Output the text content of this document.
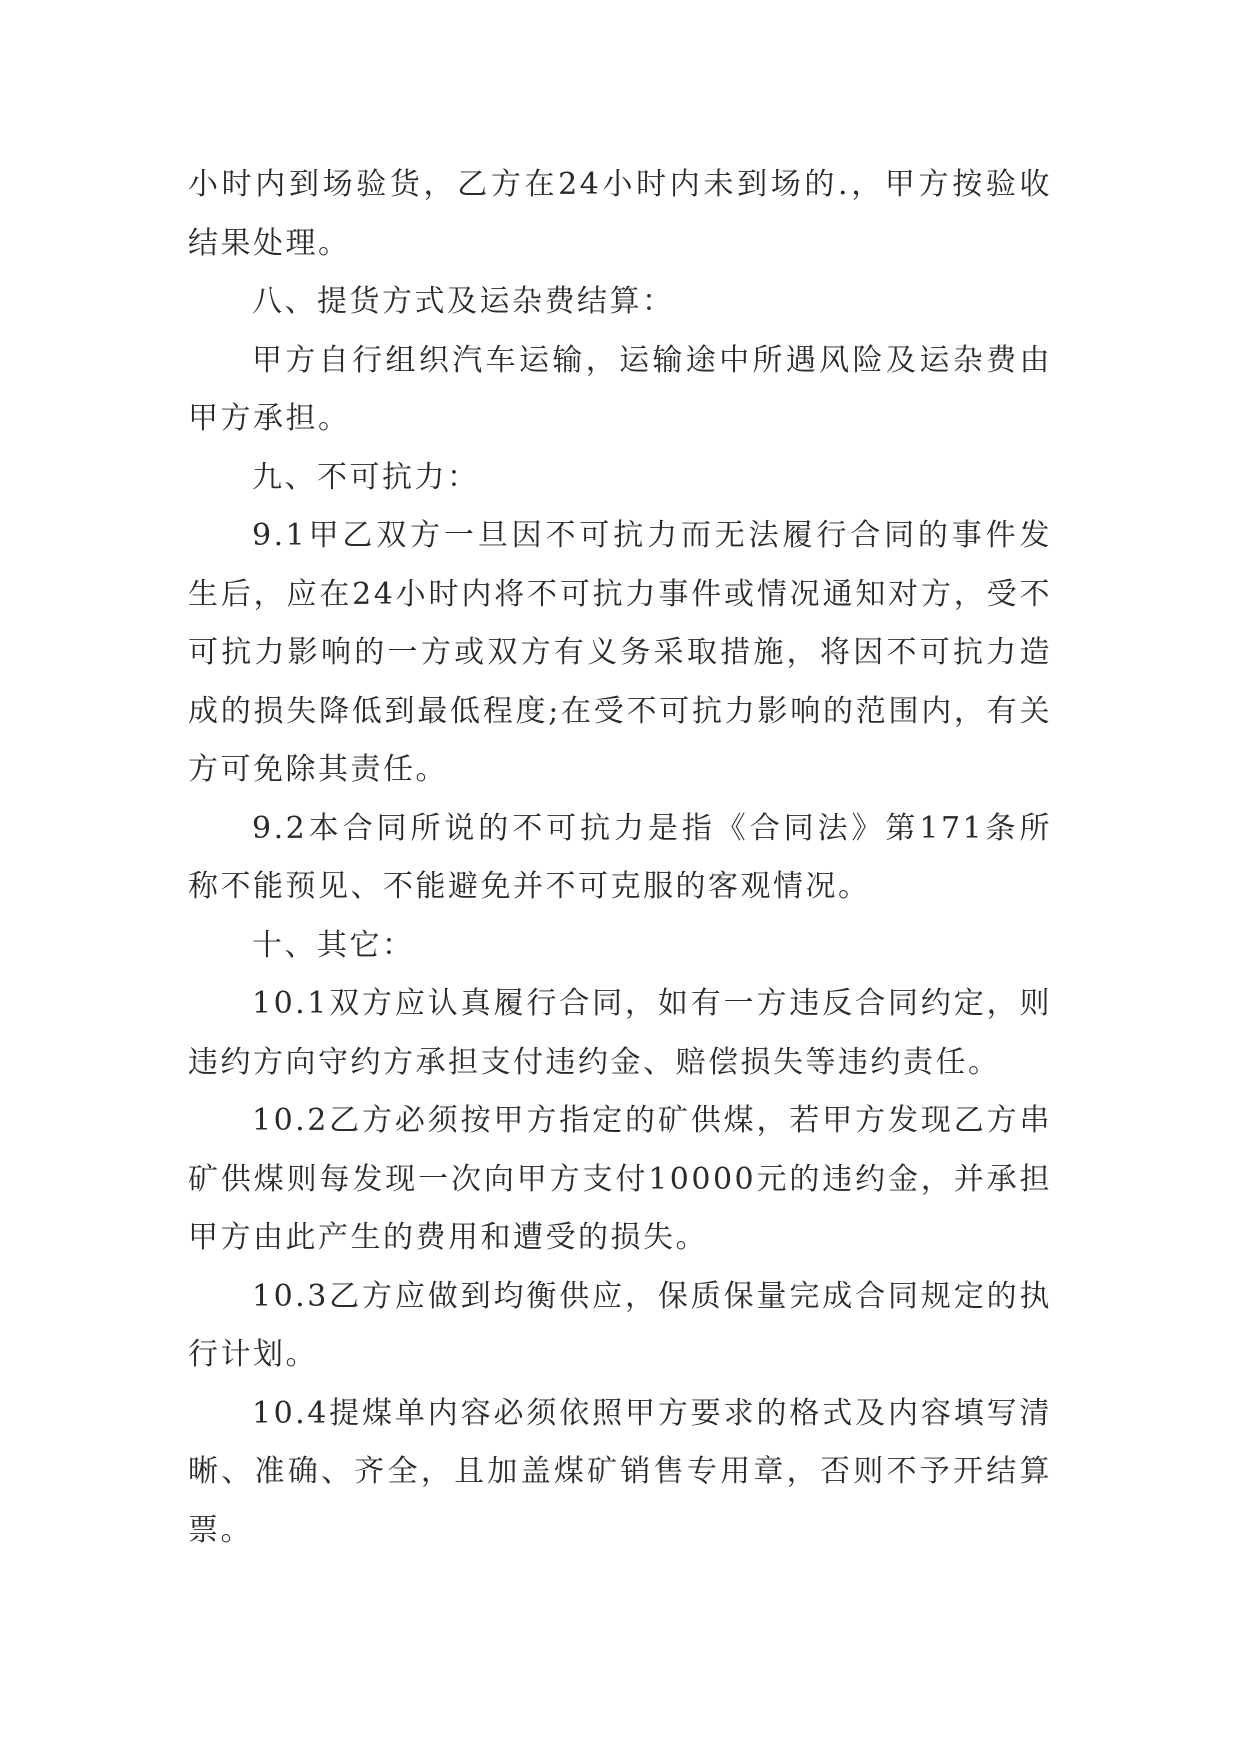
小时内到场验货，乙方在24小时内未到场的.，甲方按验收结果处理。

八、提货方式及运杂费结算：

甲方自行组织汽车运输，运输途中所遇风险及运杂费由甲方承担。

九、不可抗力：

9.1甲乙双方一旦因不可抗力而无法履行合同的事件发生后，应在24小时内将不可抗力事件或情况通知对方，受不可抗力影响的一方或双方有义务采取措施，将因不可抗力造成的损失降低到最低程度;在受不可抗力影响的范围内，有关方可免除其责任。

9.2本合同所说的不可抗力是指《合同法》第171条所称不能预见、不能避免并不可克服的客观情况。

十、其它：

10.1双方应认真履行合同，如有一方违反合同约定，则违约方向守约方承担支付违约金、赔偿损失等违约责任。

10.2乙方必须按甲方指定的矿供煤，若甲方发现乙方串矿供煤则每发现一次向甲方支付10000元的违约金，并承担甲方由此产生的费用和遭受的损失。

10.3乙方应做到均衡供应，保质保量完成合同规定的执行计划。

10.4提煤单内容必须依照甲方要求的格式及内容填写清晰、准确、齐全，且加盖煤矿销售专用章，否则不予开结算票。
